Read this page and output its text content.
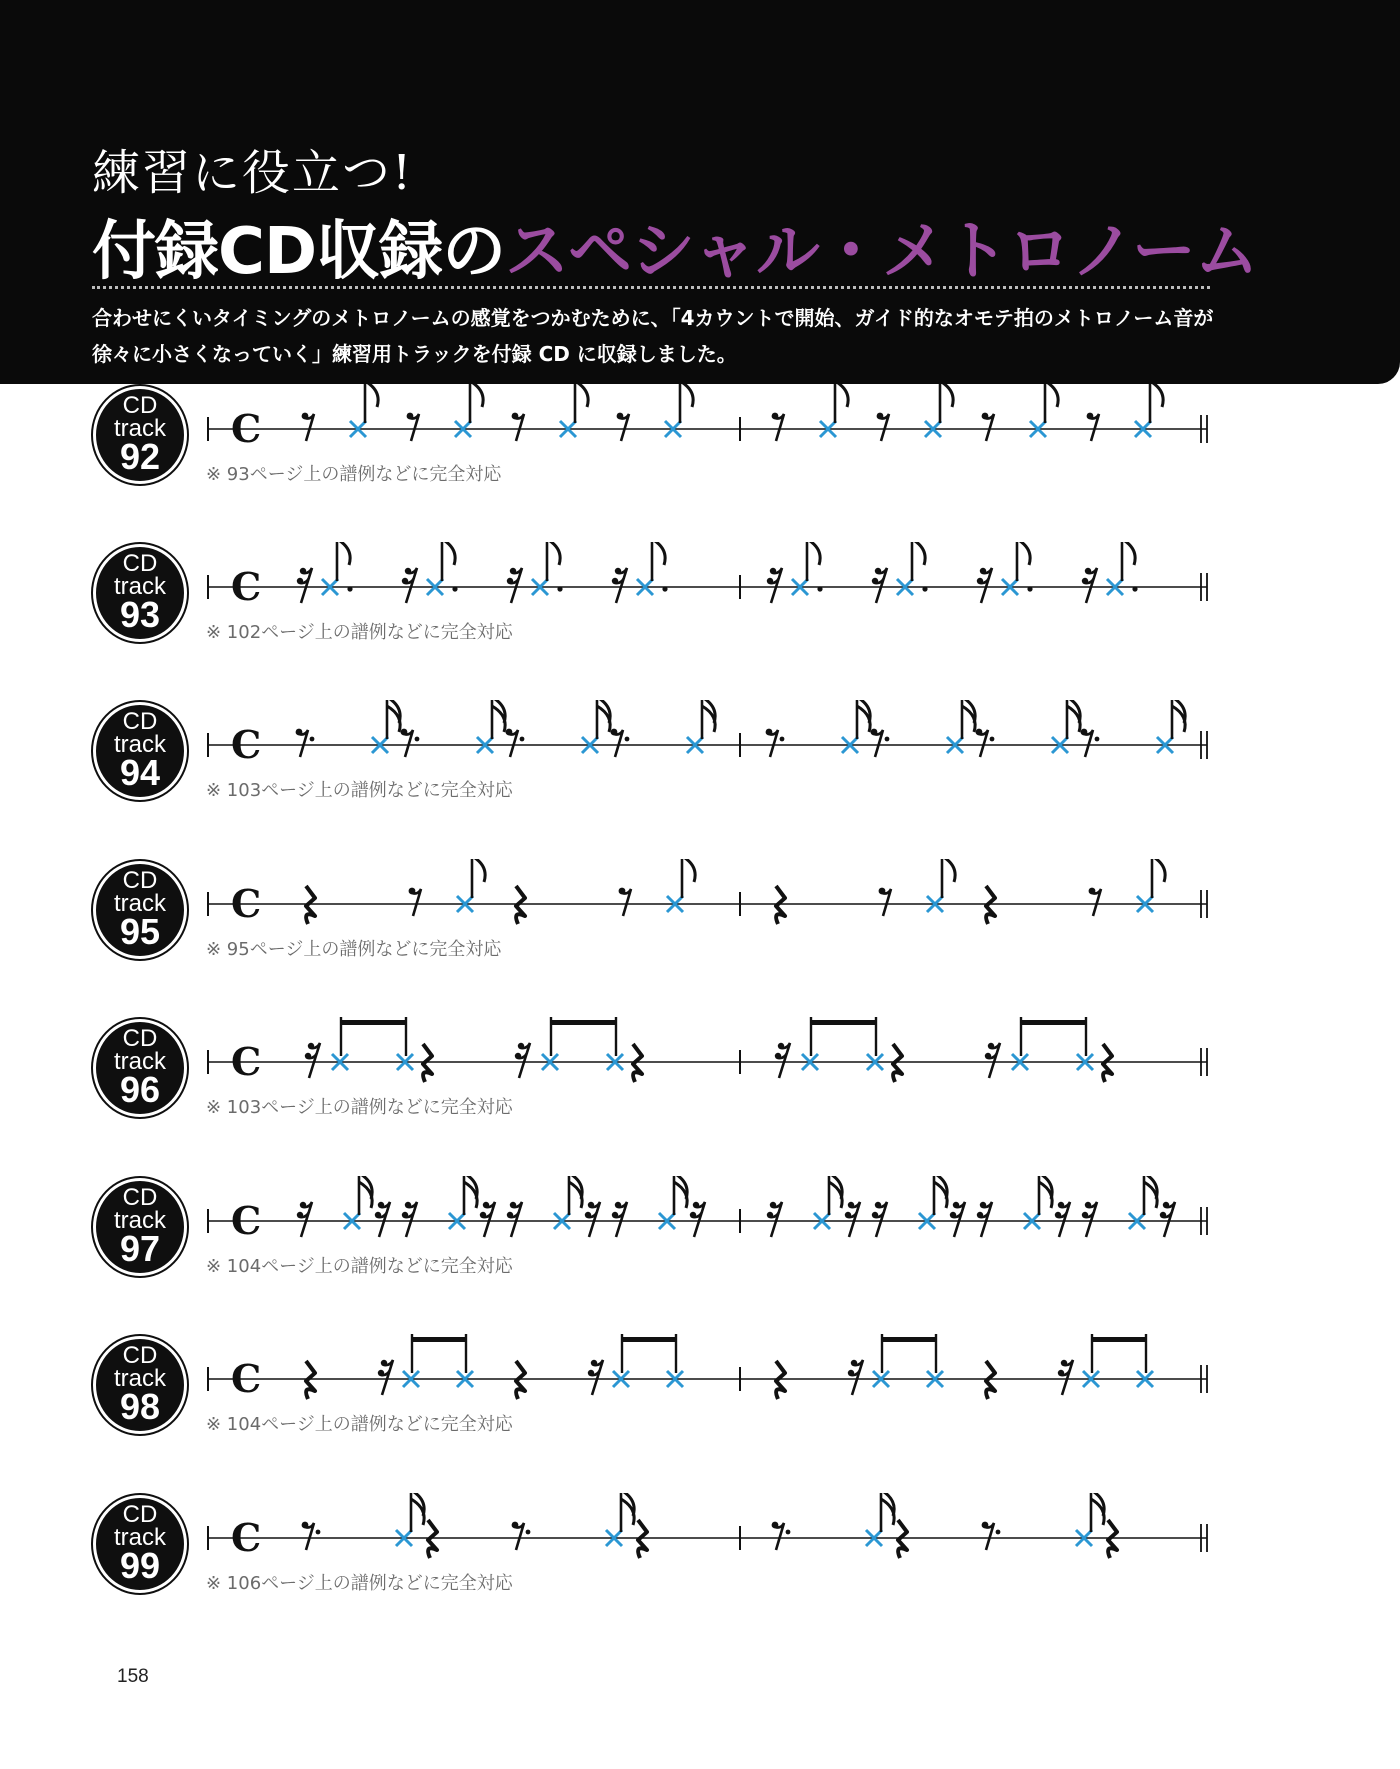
練習に役立つ!
付録CD収録のスペシャル・メトロノーム
合わせにくいタイミングのメトロノームの感覚をつかむために、「4カウントで開始、ガイド的なオモテ拍のメトロノーム音が徐々に小さくなっていく」練習用トラックを付録 CD に収録しました。
CD
track
92
C
※ 93ページ上の譜例などに完全対応
CD
track
93
C
※ 102ページ上の譜例などに完全対応
CD
track
94
C
※ 103ページ上の譜例などに完全対応
CD
track
95
C
※ 95ページ上の譜例などに完全対応
CD
track
96
C
※ 103ページ上の譜例などに完全対応
CD
track
97
C
※ 104ページ上の譜例などに完全対応
CD
track
98
C
※ 104ページ上の譜例などに完全対応
CD
track
99
C
※ 106ページ上の譜例などに完全対応
158
